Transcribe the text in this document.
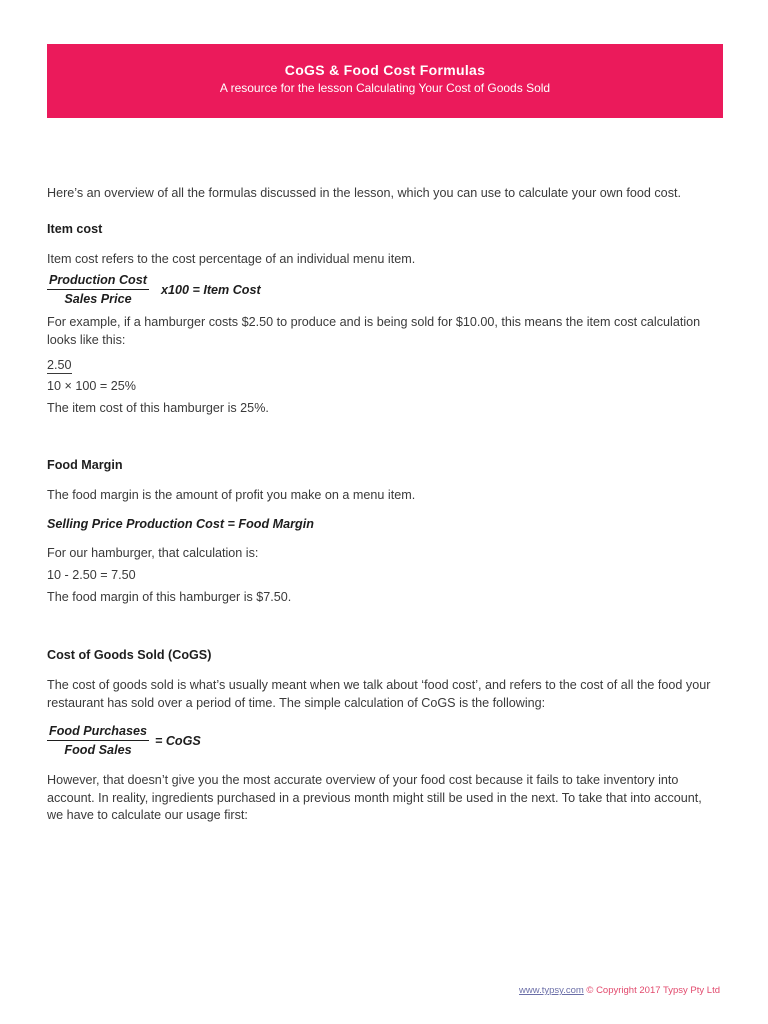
CoGS & Food Cost Formulas
A resource for the lesson Calculating Your Cost of Goods Sold
Here’s an overview of all the formulas discussed in the lesson, which you can use to calculate your own food cost.
Item cost
Item cost refers to the cost percentage of an individual menu item.
$\frac{\text{Production Cost}}{\text{Sales Price}} x100$ = Item Cost
For example, if a hamburger costs $2.50 to produce and is being sold for $10.00, this means the item cost calculation looks like this:
2.50
10 × 100 = 25%
The item cost of this hamburger is 25%.
Food Margin
The food margin is the amount of profit you make on a menu item.
Selling Price Production Cost = Food Margin
For our hamburger, that calculation is:
10 - 2.50 = 7.50
The food margin of this hamburger is $7.50.
Cost of Goods Sold (CoGS)
The cost of goods sold is what’s usually meant when we talk about ‘food cost’, and refers to the cost of all the food your restaurant has sold over a period of time. The simple calculation of CoGS is the following:
$\frac{\text{Food Purchases}}{\text{Food Sales}}$ = CoGS
However, that doesn’t give you the most accurate overview of your food cost because it fails to take inventory into account. In reality, ingredients purchased in a previous month might still be used in the next. To take that into account, we have to calculate our usage first:
www.typsy.com © Copyright 2017 Typsy Pty Ltd
